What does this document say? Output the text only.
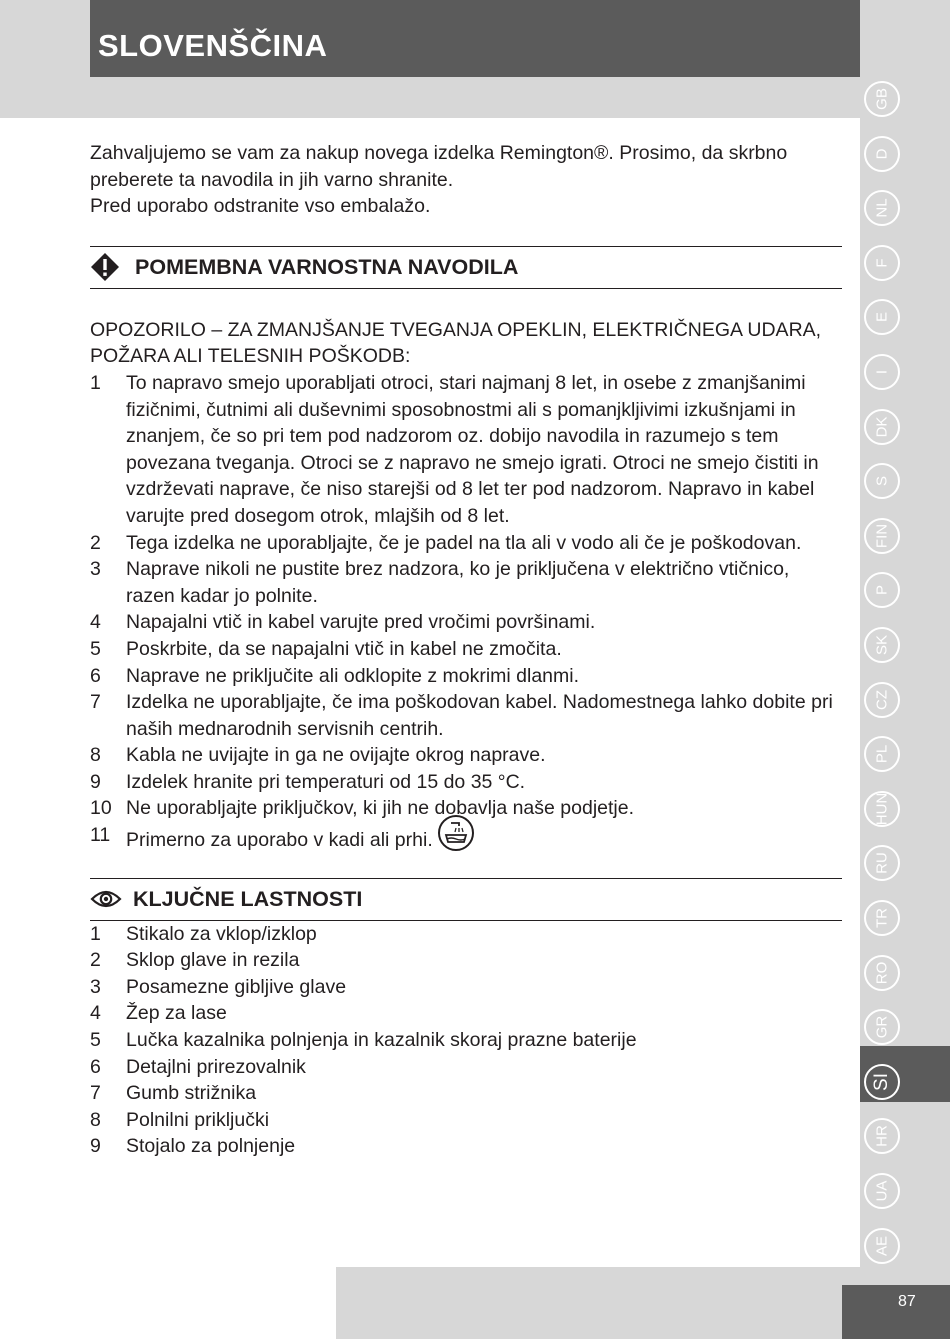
SLOVENŠČINA
GB
D
NL
F
E
I
DK
S
FIN
P
SK
CZ
PL
HUN
RU
TR
RO
GR
SI
HR
UA
AE
87

Zahvaljujemo se vam za nakup novega izdelka Remington®. Prosimo, da skrbno

preberete ta navodila in jih varno shranite.

Pred uporabo odstranite vso embalažo.

POMEMBNA VARNOSTNA NAVODILA
OPOZORILO – ZA ZMANJŠANJE TVEGANJA OPEKLIN, ELEKTRIČNEGA UDARA,
POŽARA ALI TELESNIH POŠKODB:
1 To napravo smejo uporabljati otroci, stari najmanj 8 let, in osebe z zmanjšanimi fizičnimi, čutnimi ali duševnimi sposobnostmi ali s pomanjkljivimi izkušnjami in znanjem, če so pri tem pod nadzorom oz. dobijo navodila in razumejo s tem povezana tveganja. Otroci se z napravo ne smejo igrati. Otroci ne smejo čistiti in vzdrževati naprave, če niso starejši od 8 let ter pod nadzorom. Napravo in kabel varujte pred dosegom otrok, mlajših od 8 let.
2 Tega izdelka ne uporabljajte, če je padel na tla ali v vodo ali če je poškodovan.
3 Naprave nikoli ne pustite brez nadzora, ko je priključena v električno vtičnico, razen kadar jo polnite.
4 Napajalni vtič in kabel varujte pred vročimi površinami.
5 Poskrbite, da se napajalni vtič in kabel ne zmočita.
6 Naprave ne priključite ali odklopite z mokrimi dlanmi.
7 Izdelka ne uporabljajte, če ima poškodovan kabel. Nadomestnega lahko dobite pri naših mednarodnih servisnih centrih.
8 Kabla ne uvijajte in ga ne ovijajte okrog naprave.
9 Izdelek hranite pri temperaturi od 15 do 35 °C.
10 Ne uporabljajte priključkov, ki jih ne dobavlja naše podjetje.
11 Primerno za uporabo v kadi ali prhi.
KLJUČNE LASTNOSTI
1 Stikalo za vklop/izklop
2 Sklop glave in rezila
3 Posamezne gibljive glave
4 Žep za lase
5 Lučka kazalnika polnjenja in kazalnik skoraj prazne baterije
6 Detajlni prirezovalnik
7 Gumb strižnika
8 Polnilni priključki
9 Stojalo za polnjenje
